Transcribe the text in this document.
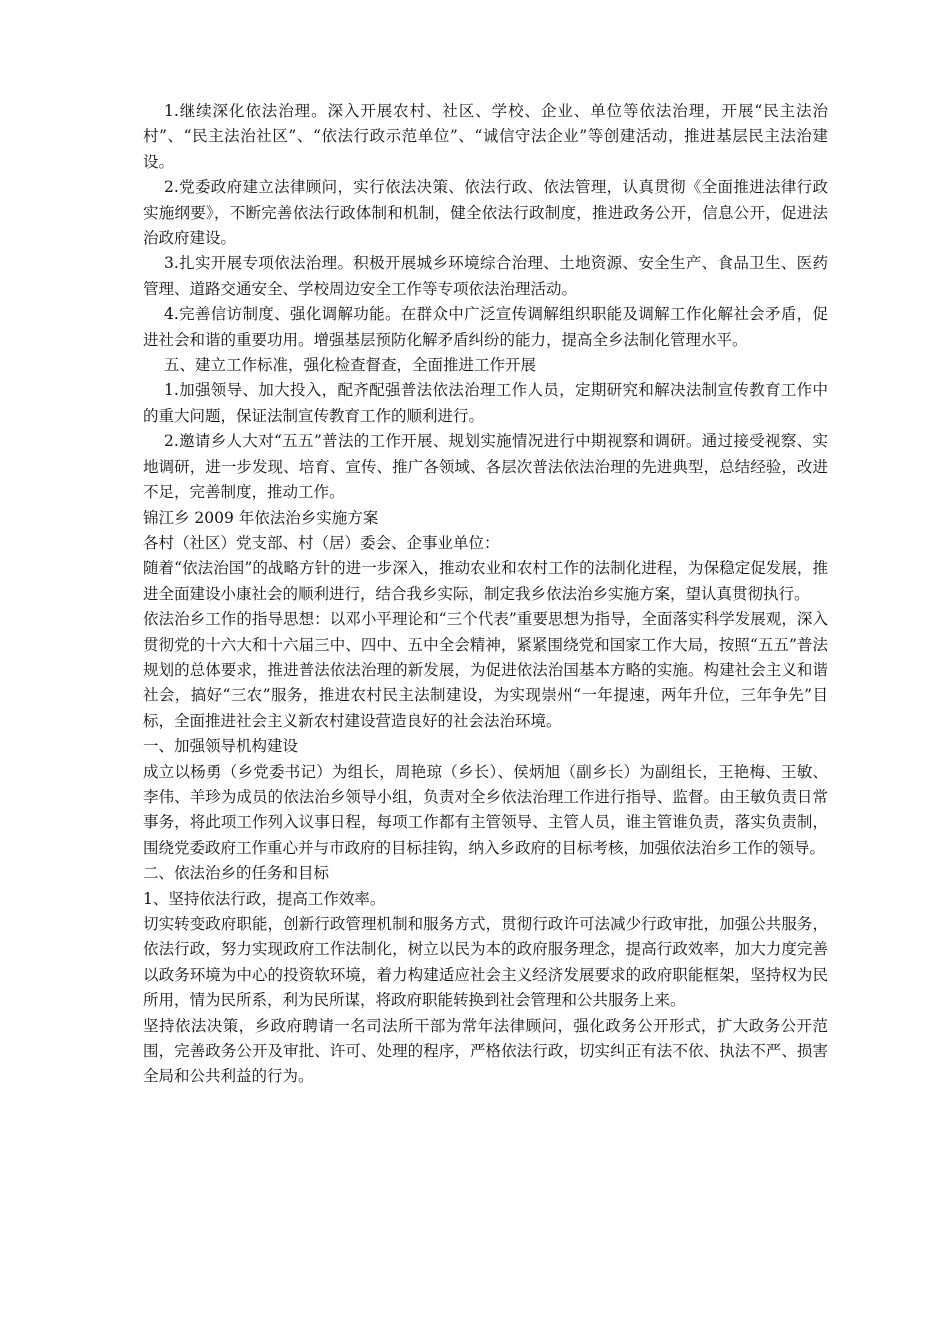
1.继续深化依法治理。深入开展农村、社区、学校、企业、单位等依法治理，开展“民主法治村”、“民主法治社区”、“依法行政示范单位”、“诚信守法企业”等创建活动，推进基层民主法治建设。

2.党委政府建立法律顾问，实行依法决策、依法行政、依法管理，认真贯彻《全面推进法律行政实施纲要》，不断完善依法行政体制和机制，健全依法行政制度，推进政务公开，信息公开，促进法治政府建设。

3.扎实开展专项依法治理。积极开展城乡环境综合治理、土地资源、安全生产、食品卫生、医药管理、道路交通安全、学校周边安全工作等专项依法治理活动。

4.完善信访制度、强化调解功能。在群众中广泛宣传调解组织职能及调解工作化解社会矛盾，促进社会和谐的重要功用。增强基层预防化解矛盾纠纷的能力，提高全乡法制化管理水平。

五、建立工作标准，强化检查督查，全面推进工作开展

1.加强领导、加大投入，配齐配强普法依法治理工作人员，定期研究和解决法制宣传教育工作中的重大问题，保证法制宣传教育工作的顺利进行。

2.邀请乡人大对“五五”普法的工作开展、规划实施情况进行中期视察和调研。通过接受视察、实地调研，进一步发现、培育、宣传、推广各领域、各层次普法依法治理的先进典型，总结经验，改进不足，完善制度，推动工作。

锦江乡 2009 年依法治乡实施方案

各村（社区）党支部、村（居）委会、企事业单位：

随着“依法治国”的战略方针的进一步深入，推动农业和农村工作的法制化进程，为保稳定促发展，推进全面建设小康社会的顺利进行，结合我乡实际，制定我乡依法治乡实施方案，望认真贯彻执行。

依法治乡工作的指导思想：以邓小平理论和“三个代表”重要思想为指导，全面落实科学发展观，深入贯彻党的十六大和十六届三中、四中、五中全会精神，紧紧围绕党和国家工作大局，按照“五五”普法规划的总体要求，推进普法依法治理的新发展，为促进依法治国基本方略的实施。构建社会主义和谐社会，搞好“三农”服务，推进农村民主法制建设，为实现崇州“一年提速，两年升位，三年争先”目标，全面推进社会主义新农村建设营造良好的社会法治环境。

一、加强领导机构建设

成立以杨勇（乡党委书记）为组长，周艳琼（乡长）、侯炳旭（副乡长）为副组长，王艳梅、王敏、李伟、羊珍为成员的依法治乡领导小组，负责对全乡依法治理工作进行指导、监督。由王敏负责日常事务，将此项工作列入议事日程，每项工作都有主管领导、主管人员，谁主管谁负责，落实负责制，围绕党委政府工作重心并与市政府的目标挂钩，纳入乡政府的目标考核，加强依法治乡工作的领导。

二、依法治乡的任务和目标

1、坚持依法行政，提高工作效率。

切实转变政府职能，创新行政管理机制和服务方式，贯彻行政许可法减少行政审批，加强公共服务，依法行政，努力实现政府工作法制化，树立以民为本的政府服务理念，提高行政效率，加大力度完善以政务环境为中心的投资软环境，着力构建适应社会主义经济发展要求的政府职能框架，坚持权为民所用，情为民所系，利为民所谋，将政府职能转换到社会管理和公共服务上来。

坚持依法决策，乡政府聘请一名司法所干部为常年法律顾问，强化政务公开形式，扩大政务公开范围，完善政务公开及审批、许可、处理的程序，严格依法行政，切实纠正有法不依、执法不严、损害全局和公共利益的行为。
